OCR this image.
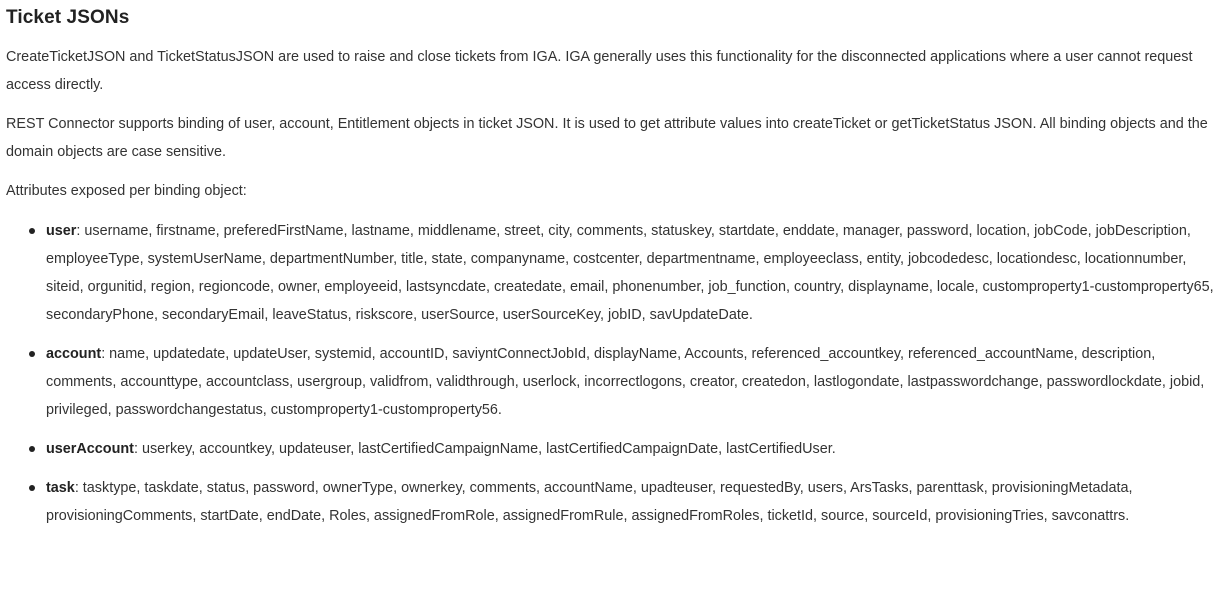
Ticket JSONs

CreateTicketJSON and TicketStatusJSON are used to raise and close tickets from IGA. IGA generally uses this functionality for the disconnected applications where a user cannot request access directly.

REST Connector supports binding of user, account, Entitlement objects in ticket JSON. It is used to get attribute values into createTicket or getTicketStatus JSON. All binding objects and the domain objects are case sensitive.

Attributes exposed per binding object:

user: username, firstname, preferedFirstName, lastname, middlename, street, city, comments, statuskey, startdate, enddate, manager, password, location, jobCode, jobDescription, employeeType, systemUserName, departmentNumber, title, state, companyname, costcenter, departmentname, employeeclass, entity, jobcodedesc, locationdesc, locationnumber, siteid, orgunitid, region, regioncode, owner, employeeid, lastsyncdate, createdate, email, phonenumber, job_function, country, displayname, locale, customproperty1-customproperty65, secondaryPhone, secondaryEmail, leaveStatus, riskscore, userSource, userSourceKey, jobID, savUpdateDate.
account: name, updatedate, updateUser, systemid, accountID, saviyntConnectJobId, displayName, Accounts, referenced_accountkey, referenced_accountName, description, comments, accounttype, accountclass, usergroup, validfrom, validthrough, userlock, incorrectlogons, creator, createdon, lastlogondate, lastpasswordchange, passwordlockdate, jobid, privileged, passwordchangestatus, customproperty1-customproperty56.
userAccount: userkey, accountkey, updateuser, lastCertifiedCampaignName, lastCertifiedCampaignDate, lastCertifiedUser.
task: tasktype, taskdate, status, password, ownerType, ownerkey, comments, accountName, upadteuser, requestedBy, users, ArsTasks, parenttask, provisioningMetadata, provisioningComments, startDate, endDate, Roles, assignedFromRole, assignedFromRule, assignedFromRoles, ticketId, source, sourceId, provisioningTries, savconattrs.
